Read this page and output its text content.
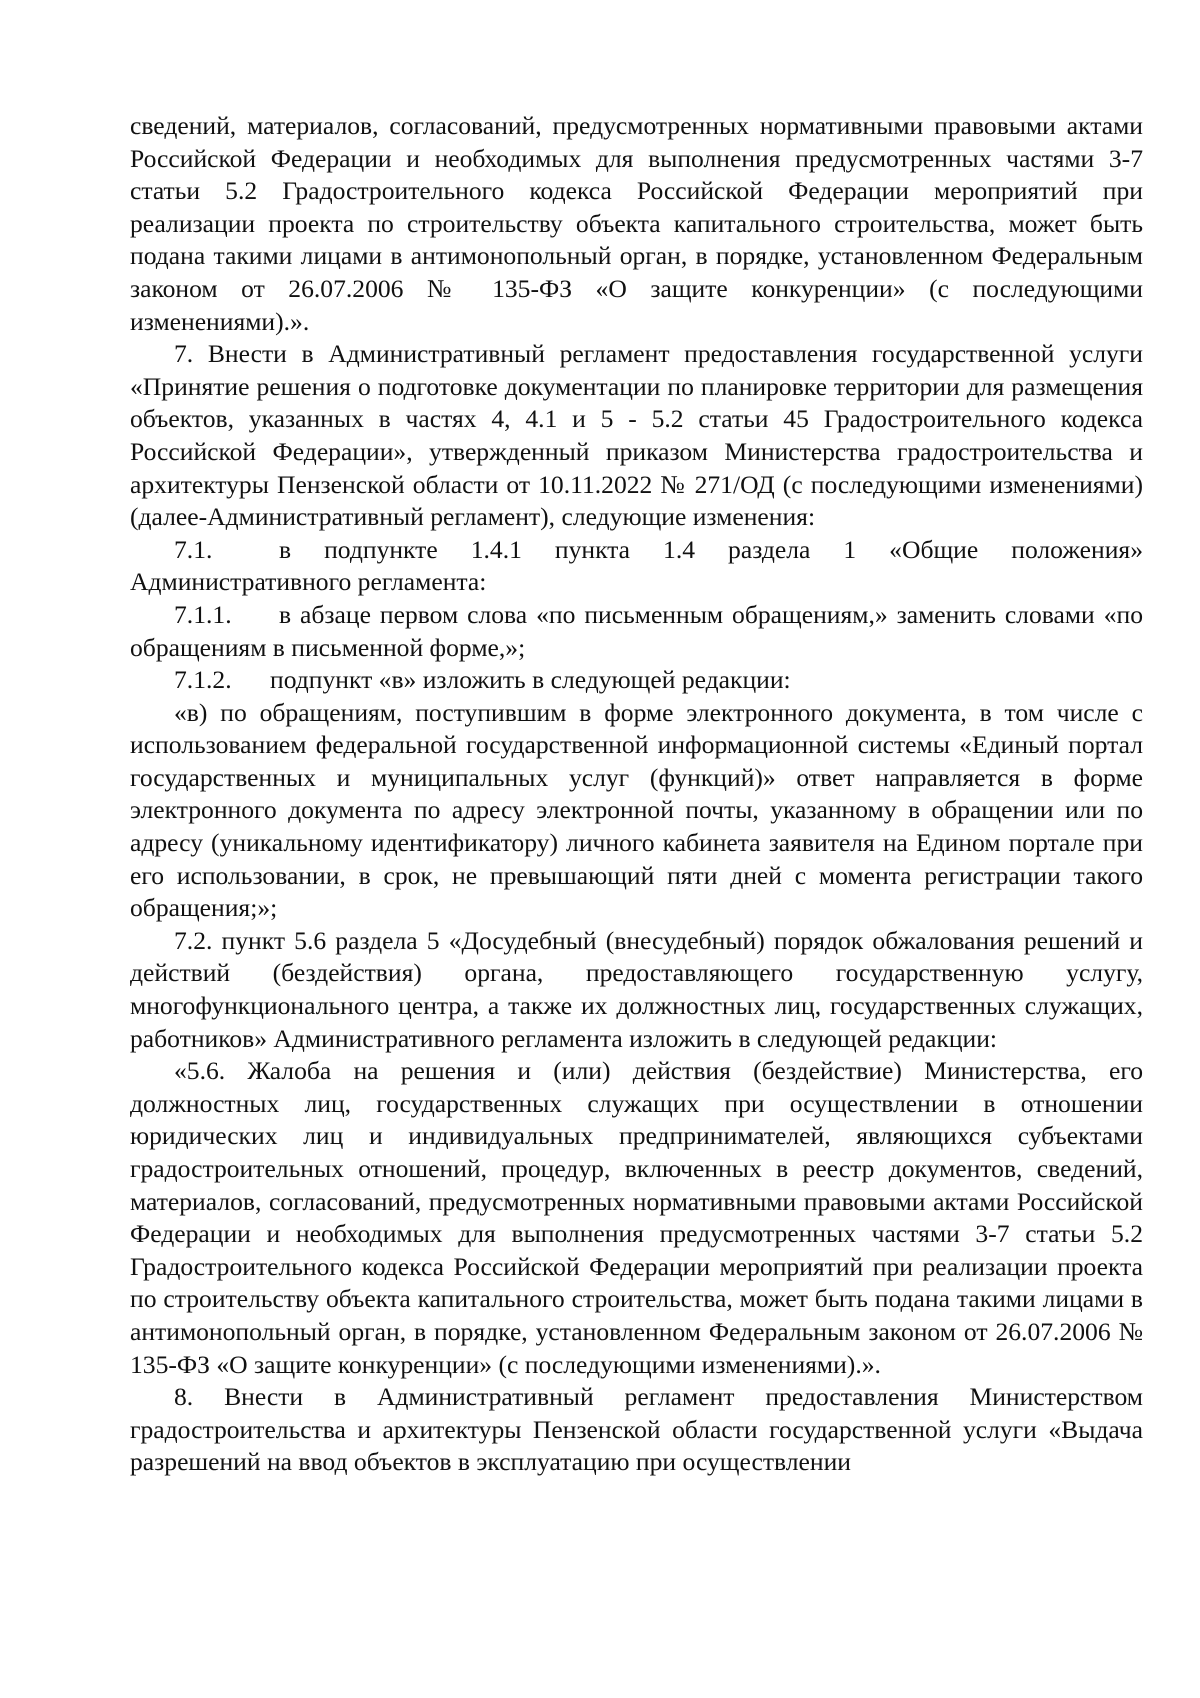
сведений, материалов, согласований, предусмотренных нормативными правовыми актами Российской Федерации и необходимых для выполнения предусмотренных частями 3-7 статьи 5.2 Градостроительного кодекса Российской Федерации мероприятий при реализации проекта по строительству объекта капитального строительства, может быть подана такими лицами в антимонопольный орган, в порядке, установленном Федеральным законом от 26.07.2006 № 135-ФЗ «О защите конкуренции» (с последующими изменениями).».

7. Внести в Административный регламент предоставления государственной услуги «Принятие решения о подготовке документации по планировке территории для размещения объектов, указанных в частях 4, 4.1 и 5 - 5.2 статьи 45 Градостроительного кодекса Российской Федерации», утвержденный приказом Министерства градостроительства и архитектуры Пензенской области от 10.11.2022 № 271/ОД (с последующими изменениями) (далее-Административный регламент), следующие изменения:

7.1.	в подпункте 1.4.1 пункта 1.4 раздела 1 «Общие положения» Административного регламента:

7.1.1. в абзаце первом слова «по письменным обращениям,» заменить словами «по обращениям в письменной форме,»;

7.1.2. подпункт «в» изложить в следующей редакции:

«в) по обращениям, поступившим в форме электронного документа, в том числе с использованием федеральной государственной информационной системы «Единый портал государственных и муниципальных услуг (функций)» ответ направляется в форме электронного документа по адресу электронной почты, указанному в обращении или по адресу (уникальному идентификатору) личного кабинета заявителя на Едином портале при его использовании, в срок, не превышающий пяти дней с момента регистрации такого обращения;»;

7.2. пункт 5.6 раздела 5 «Досудебный (внесудебный) порядок обжалования решений и действий (бездействия) органа, предоставляющего государственную услугу, многофункционального центра, а также их должностных лиц, государственных служащих, работников» Административного регламента изложить в следующей редакции:

«5.6. Жалоба на решения и (или) действия (бездействие) Министерства, его должностных лиц, государственных служащих при осуществлении в отношении юридических лиц и индивидуальных предпринимателей, являющихся субъектами градостроительных отношений, процедур, включенных в реестр документов, сведений, материалов, согласований, предусмотренных нормативными правовыми актами Российской Федерации и необходимых для выполнения предусмотренных частями 3-7 статьи 5.2 Градостроительного кодекса Российской Федерации мероприятий при реализации проекта по строительству объекта капитального строительства, может быть подана такими лицами в антимонопольный орган, в порядке, установленном Федеральным законом от 26.07.2006 № 135-ФЗ «О защите конкуренции» (с последующими изменениями).».

8. Внести в Административный регламент предоставления Министерством градостроительства и архитектуры Пензенской области государственной услуги «Выдача разрешений на ввод объектов в эксплуатацию при осуществлении
